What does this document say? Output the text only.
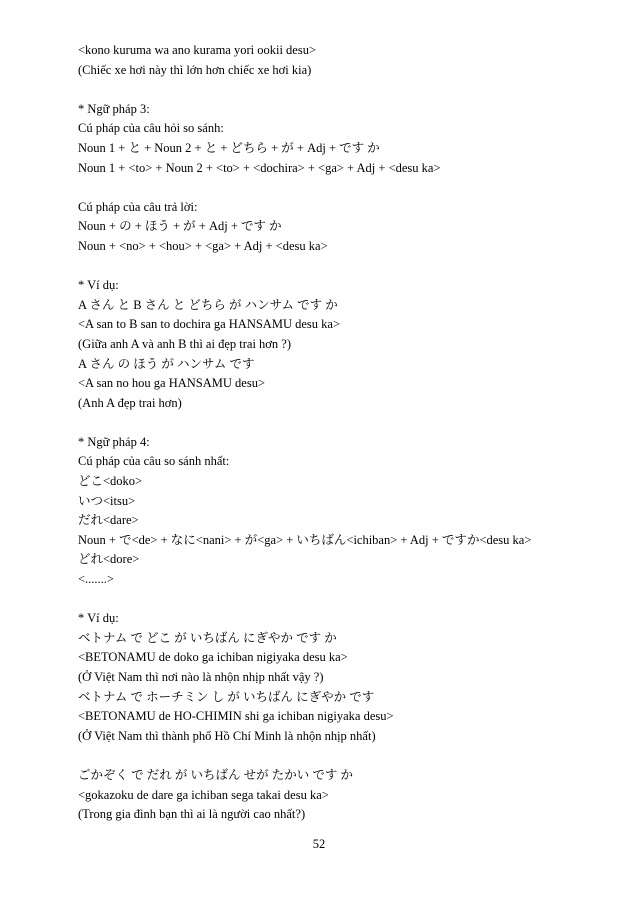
<kono kuruma wa ano kurama yori ookii desu>
(Chiếc xe hơi này thì lớn hơn chiếc xe hơi kia)
* Ngữ pháp 3:
Cú pháp của câu hỏi so sánh:
Noun 1 + と + Noun 2 + と + どちら + が + Adj + です か
Noun 1 + <to> + Noun 2 + <to> + <dochira> + <ga> + Adj + <desu ka>
Cú pháp của câu trả lời:
Noun + の + ほう + が + Adj + です か
Noun + <no> + <hou> + <ga> + Adj + <desu ka>
* Ví dụ:
A さん と B さん と どちら が ハンサム です か
<A san to B san to dochira ga HANSAMU desu ka>
(Giữa anh A và anh B thì ai đẹp trai hơn ?)
A さん の ほう が ハンサム です
<A san no hou ga HANSAMU desu>
(Anh A đẹp trai hơn)
* Ngữ pháp 4:
Cú pháp của câu so sánh nhất:
どこ<doko>
いつ<itsu>
だれ<dare>
Noun + で<de> + なに<nani> + が<ga> + いちばん<ichiban> + Adj + ですか<desu ka>
どれ<dore>
<.......>
* Ví dụ:
ベトナム で どこ が いちばん にぎやか です か
<BETONAMU de doko ga ichiban nigiyaka desu ka>
(Ở Việt Nam thì nơi nào là nhộn nhịp nhất vậy ?)
ベトナム で ホーチミン し が いちばん にぎやか です
<BETONAMU de HO-CHIMIN shi ga ichiban nigiyaka desu>
(Ở Việt Nam thì thành phố Hồ Chí Minh là nhộn nhịp nhất)
ごかぞく で だれ が いちばん せが たかい です か
<gokazoku de dare ga ichiban sega takai desu ka>
(Trong gia đình bạn thì ai là người cao nhất?)
52
